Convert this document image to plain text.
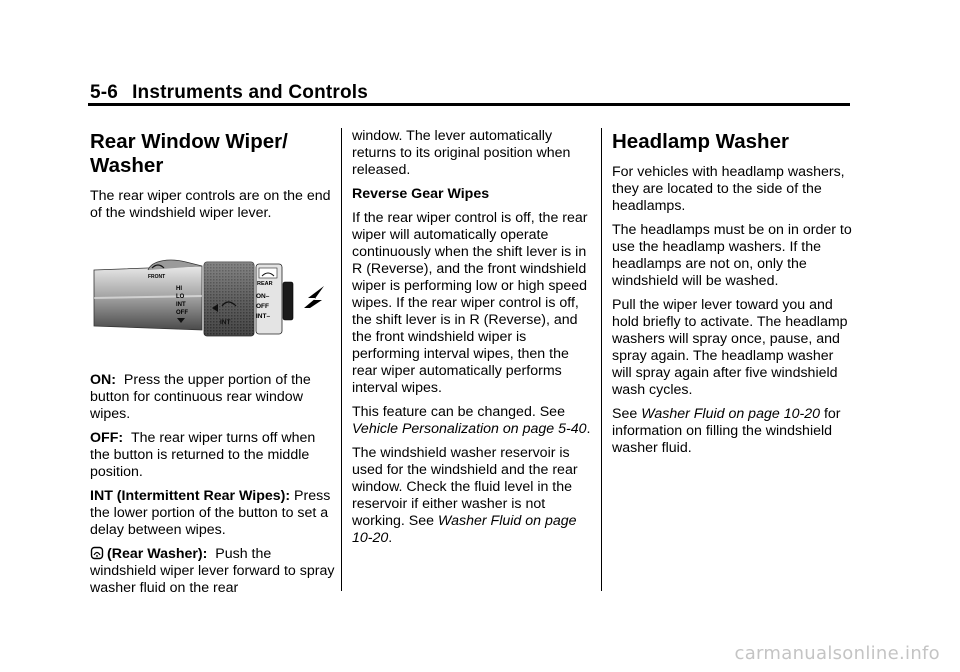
5-6 Instruments and Controls
Rear Window Wiper/ Washer

The rear wiper controls are on the end of the windshield wiper lever.

FRONT
HI
LO
INT
OFF
INT
REAR
ON–
OFF
INT–

ON: Press the upper portion of the button for continuous rear window wipes.

OFF: The rear wiper turns off when the button is returned to the middle position.

INT (Intermittent Rear Wipes): Press the lower portion of the button to set a delay between wipes.

(Rear Washer): Push the windshield wiper lever forward to spray washer fluid on the rear

window. The lever automatically returns to its original position when released.

Reverse Gear Wipes

If the rear wiper control is off, the rear wiper will automatically operate continuously when the shift lever is in R (Reverse), and the front windshield wiper is performing low or high speed wipes. If the rear wiper control is off, the shift lever is in R (Reverse), and the front windshield wiper is performing interval wipes, then the rear wiper automatically performs interval wipes.

This feature can be changed. See Vehicle Personalization on page 5-40.

The windshield washer reservoir is used for the windshield and the rear window. Check the fluid level in the reservoir if either washer is not working. See Washer Fluid on page 10-20.

Headlamp Washer

For vehicles with headlamp washers, they are located to the side of the headlamps.

The headlamps must be on in order to use the headlamp washers. If the headlamps are not on, only the windshield will be washed.

Pull the wiper lever toward you and hold briefly to activate. The headlamp washers will spray once, pause, and spray again. The headlamp washer will spray again after five windshield wash cycles.

See Washer Fluid on page 10-20 for information on filling the windshield washer fluid.

carmanualsonline.info
